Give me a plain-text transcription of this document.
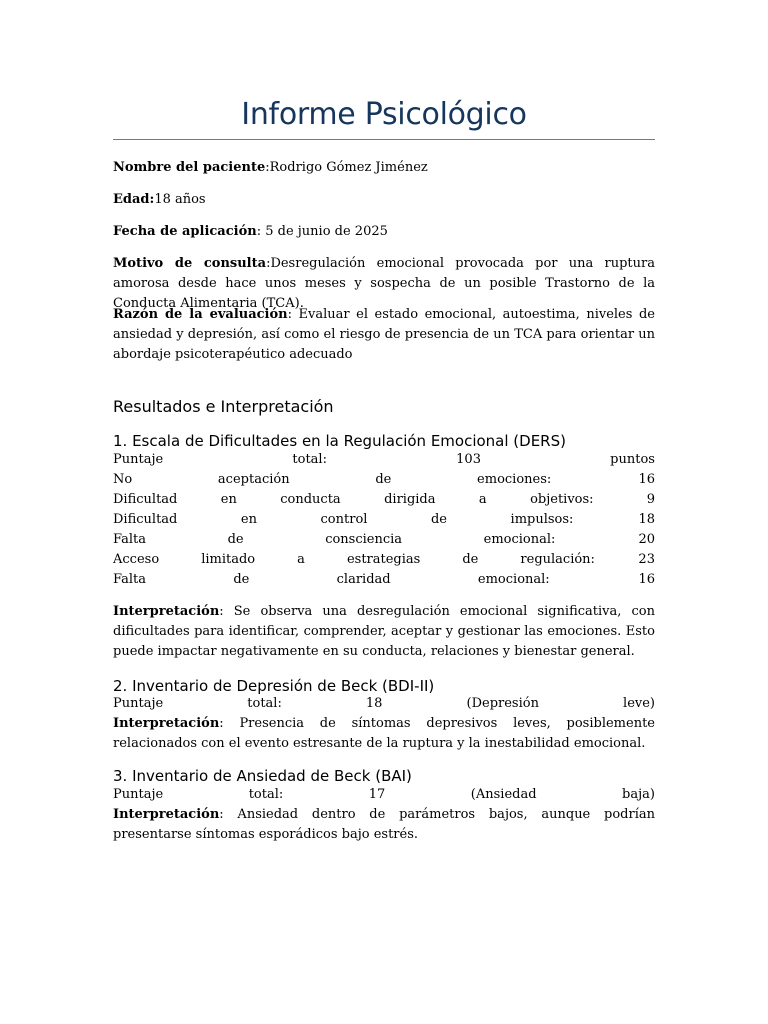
Informe Psicológico
Nombre del paciente:Rodrigo Gómez Jiménez
Edad:18 años
Fecha de aplicación: 5 de junio de 2025
Motivo de consulta:Desregulación emocional provocada por una ruptura amorosa desde hace unos meses y sospecha de un posible Trastorno de la Conducta Alimentaria (TCA).
Razón de la evaluación: Evaluar el estado emocional, autoestima, niveles de ansiedad y depresión, así como el riesgo de presencia de un TCA para orientar un abordaje psicoterapéutico adecuado
Resultados e Interpretación
1. Escala de Dificultades en la Regulación Emocional (DERS)
Puntaje	total:	103	puntos
No	aceptación	de	emociones:	16
Dificultad	en	conducta	dirigida	a	objetivos:	9
Dificultad	en	control	de	impulsos:	18
Falta	de	consciencia	emocional:	20
Acceso	limitado	a	estrategias	de	regulación:	23
Falta	de	claridad	emocional:	16
Interpretación: Se observa una desregulación emocional significativa, con dificultades para identificar, comprender, aceptar y gestionar las emociones. Esto puede impactar negativamente en su conducta, relaciones y bienestar general.
2. Inventario de Depresión de Beck (BDI-II)
Puntaje	total:	18	(Depresión	leve)
Interpretación: Presencia de síntomas depresivos leves, posiblemente relacionados con el evento estresante de la ruptura y la inestabilidad emocional.
3. Inventario de Ansiedad de Beck (BAI)
Puntaje	total:	17	(Ansiedad	baja)
Interpretación: Ansiedad dentro de parámetros bajos, aunque podrían presentarse síntomas esporádicos bajo estrés.
